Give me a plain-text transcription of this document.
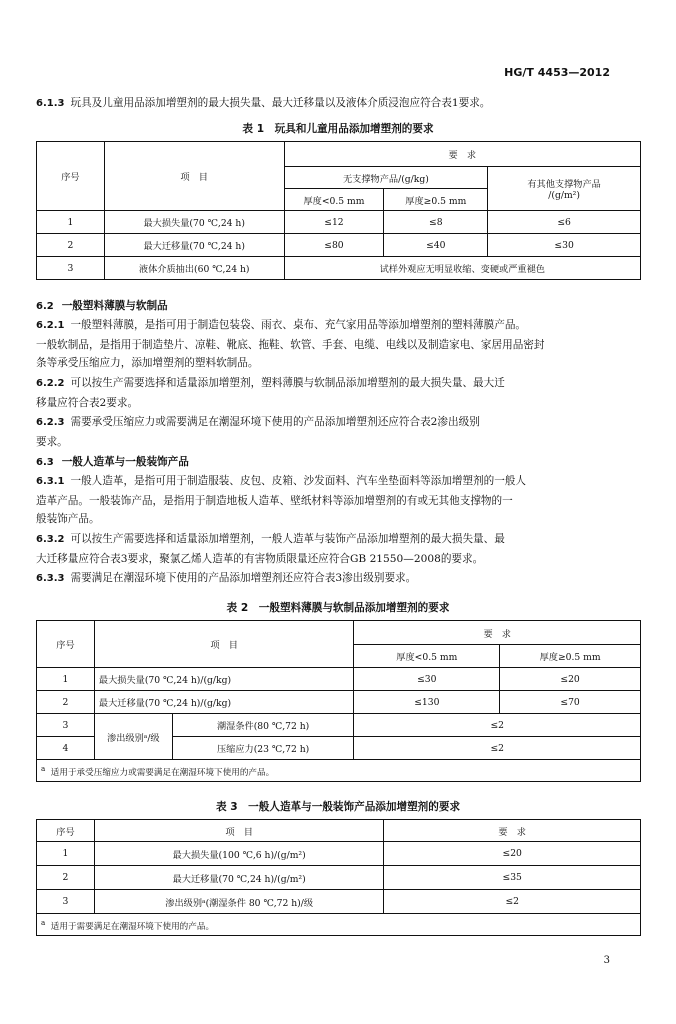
HG/T 4453—2012
6.1.3 玩具及儿童用品添加增塑剂的最大损失量、最大迁移量以及液体介质浸泡应符合表1要求。
表 1　玩具和儿童用品添加增塑剂的要求
序号	项　目	要　求		
		无支撑物产品/(g/kg)		有其他支撑物产品
/(g/m²)
		厚度<0.5 mm	厚度≥0.5 mm	
1	最大损失量(70 ℃,24 h)	≤12	≤8	≤6
2	最大迁移量(70 ℃,24 h)	≤80	≤40	≤30
3	液体介质抽出(60 ℃,24 h)	试样外观应无明显收缩、变硬或严重褪色		
6.2 一般塑料薄膜与软制品
6.2.1 一般塑料薄膜，是指可用于制造包装袋、雨衣、桌布、充气家用品等添加增塑剂的塑料薄膜产品。
一般软制品，是指用于制造垫片、凉鞋、靴底、拖鞋、软管、手套、电缆、电线以及制造家电、家居用品密封
条等承受压缩应力，添加增塑剂的塑料软制品。
6.2.2 可以按生产需要选择和适量添加增塑剂，塑料薄膜与软制品添加增塑剂的最大损失量、最大迁
移量应符合表2要求。
6.2.3 需要承受压缩应力或需要满足在潮湿环境下使用的产品添加增塑剂还应符合表2渗出级别
要求。
6.3 一般人造革与一般装饰产品
6.3.1 一般人造革，是指可用于制造服装、皮包、皮箱、沙发面料、汽车坐垫面料等添加增塑剂的一般人
造革产品。一般装饰产品，是指用于制造地板人造革、壁纸材料等添加增塑剂的有或无其他支撑物的一
般装饰产品。
6.3.2 可以按生产需要选择和适量添加增塑剂，一般人造革与装饰产品添加增塑剂的最大损失量、最
大迁移量应符合表3要求，聚氯乙烯人造革的有害物质限量还应符合GB 21550—2008的要求。
6.3.3 需要满足在潮湿环境下使用的产品添加增塑剂还应符合表3渗出级别要求。
表 2　一般塑料薄膜与软制品添加增塑剂的要求
序号	项　目		要　求	
			厚度<0.5 mm	厚度≥0.5 mm
1	最大损失量(70 ℃,24 h)/(g/kg)		≤30	≤20
2	最大迁移量(70 ℃,24 h)/(g/kg)		≤130	≤70
3	渗出级别ᵃ/级	潮湿条件(80 ℃,72 h)	≤2	
4		压缩应力(23 ℃,72 h)	≤2	
$^a$ 适用于承受压缩应力或需要满足在潮湿环境下使用的产品。				
表 3　一般人造革与一般装饰产品添加增塑剂的要求
序号	项　目	要　求
1	最大损失量(100 ℃,6 h)/(g/m²)	≤20
2	最大迁移量(70 ℃,24 h)/(g/m²)	≤35
3	渗出级别ᵃ(潮湿条件 80 ℃,72 h)/级	≤2
$^a$ 适用于需要满足在潮湿环境下使用的产品。		
3
